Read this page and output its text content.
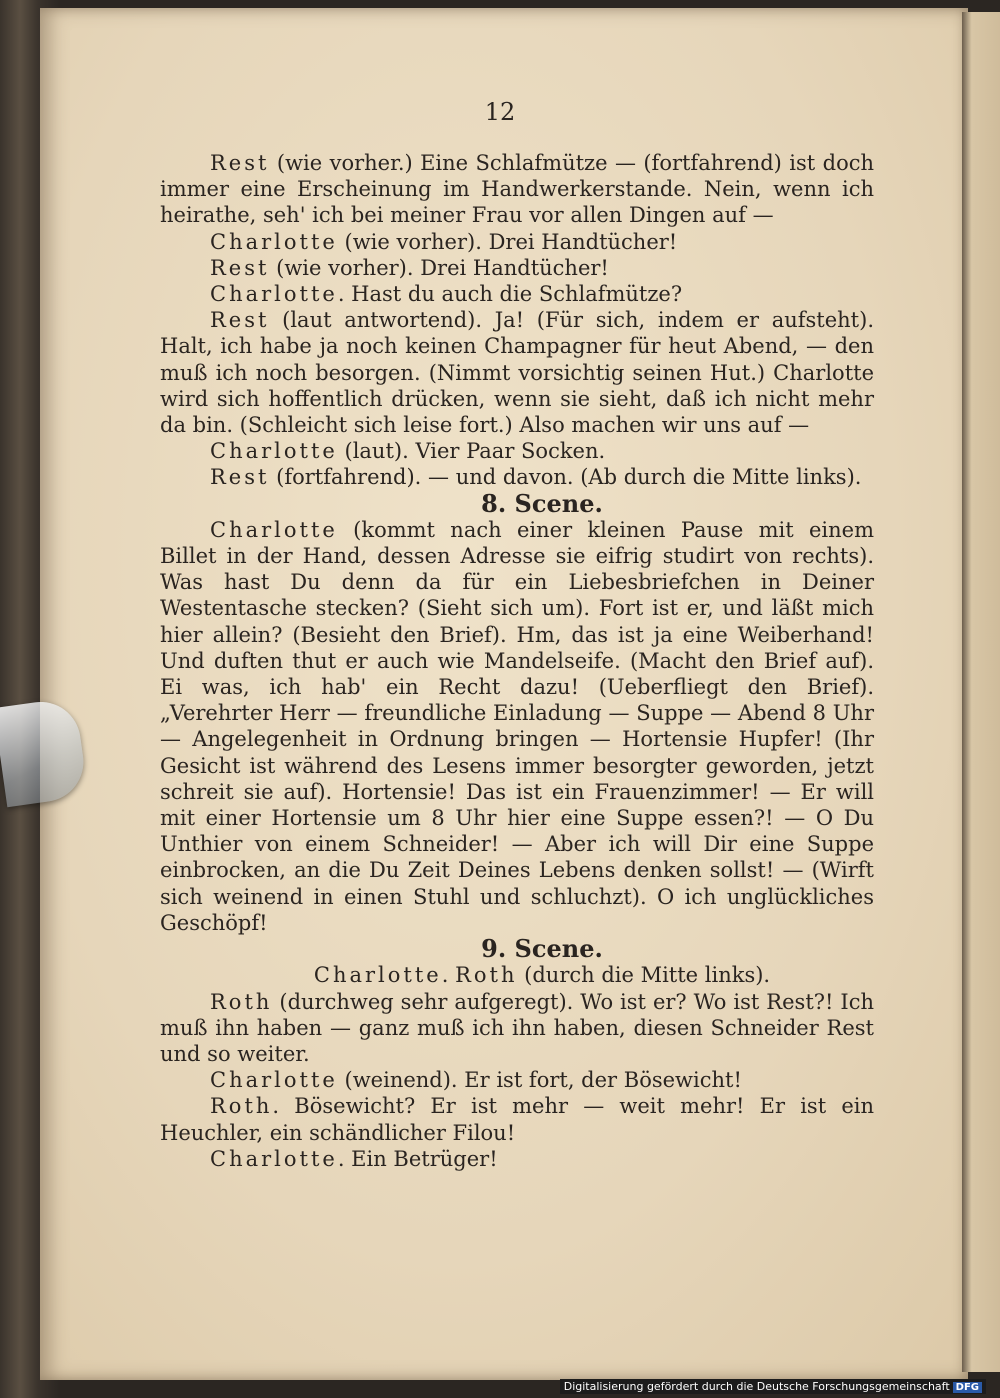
12

Rest (wie vorher.) Eine Schlafmütze — (fortfahrend) ist doch immer eine Erscheinung im Handwerkerstande. Nein, wenn ich heirathe, seh' ich bei meiner Frau vor allen Dingen auf —

Charlotte (wie vorher). Drei Handtücher!

Rest (wie vorher). Drei Handtücher!

Charlotte. Hast du auch die Schlafmütze?

Rest (laut antwortend). Ja! (Für sich, indem er aufsteht). Halt, ich habe ja noch keinen Champagner für heut Abend, — den muß ich noch besorgen. (Nimmt vorsichtig seinen Hut.) Charlotte wird sich hoffentlich drücken, wenn sie sieht, daß ich nicht mehr da bin. (Schleicht sich leise fort.) Also machen wir uns auf —

Charlotte (laut). Vier Paar Socken.

Rest (fortfahrend). — und davon. (Ab durch die Mitte links).

8. Scene.

Charlotte (kommt nach einer kleinen Pause mit einem Billet in der Hand, dessen Adresse sie eifrig studirt von rechts). Was hast Du denn da für ein Liebesbriefchen in Deiner Westentasche stecken? (Sieht sich um). Fort ist er, und läßt mich hier allein? (Besieht den Brief). Hm, das ist ja eine Weiberhand! Und duften thut er auch wie Mandelseife. (Macht den Brief auf). Ei was, ich hab' ein Recht dazu! (Ueberfliegt den Brief). „Verehrter Herr — freundliche Einladung — Suppe — Abend 8 Uhr — Angelegenheit in Ordnung bringen — Hortensie Hupfer! (Ihr Gesicht ist während des Lesens immer besorgter geworden, jetzt schreit sie auf). Hortensie! Das ist ein Frauenzimmer! — Er will mit einer Hortensie um 8 Uhr hier eine Suppe essen?! — O Du Unthier von einem Schneider! — Aber ich will Dir eine Suppe einbrocken, an die Du Zeit Deines Lebens denken sollst! — (Wirft sich weinend in einen Stuhl und schluchzt). O ich unglückliches Geschöpf!

9. Scene.

Charlotte. Roth (durch die Mitte links).

Roth (durchweg sehr aufgeregt). Wo ist er? Wo ist Rest?! Ich muß ihn haben — ganz muß ich ihn haben, diesen Schneider Rest und so weiter.

Charlotte (weinend). Er ist fort, der Bösewicht!

Roth. Bösewicht? Er ist mehr — weit mehr! Er ist ein Heuchler, ein schändlicher Filou!

Charlotte. Ein Betrüger!

Digitalisierung gefördert durch die Deutsche Forschungsgemeinschaft DFG
